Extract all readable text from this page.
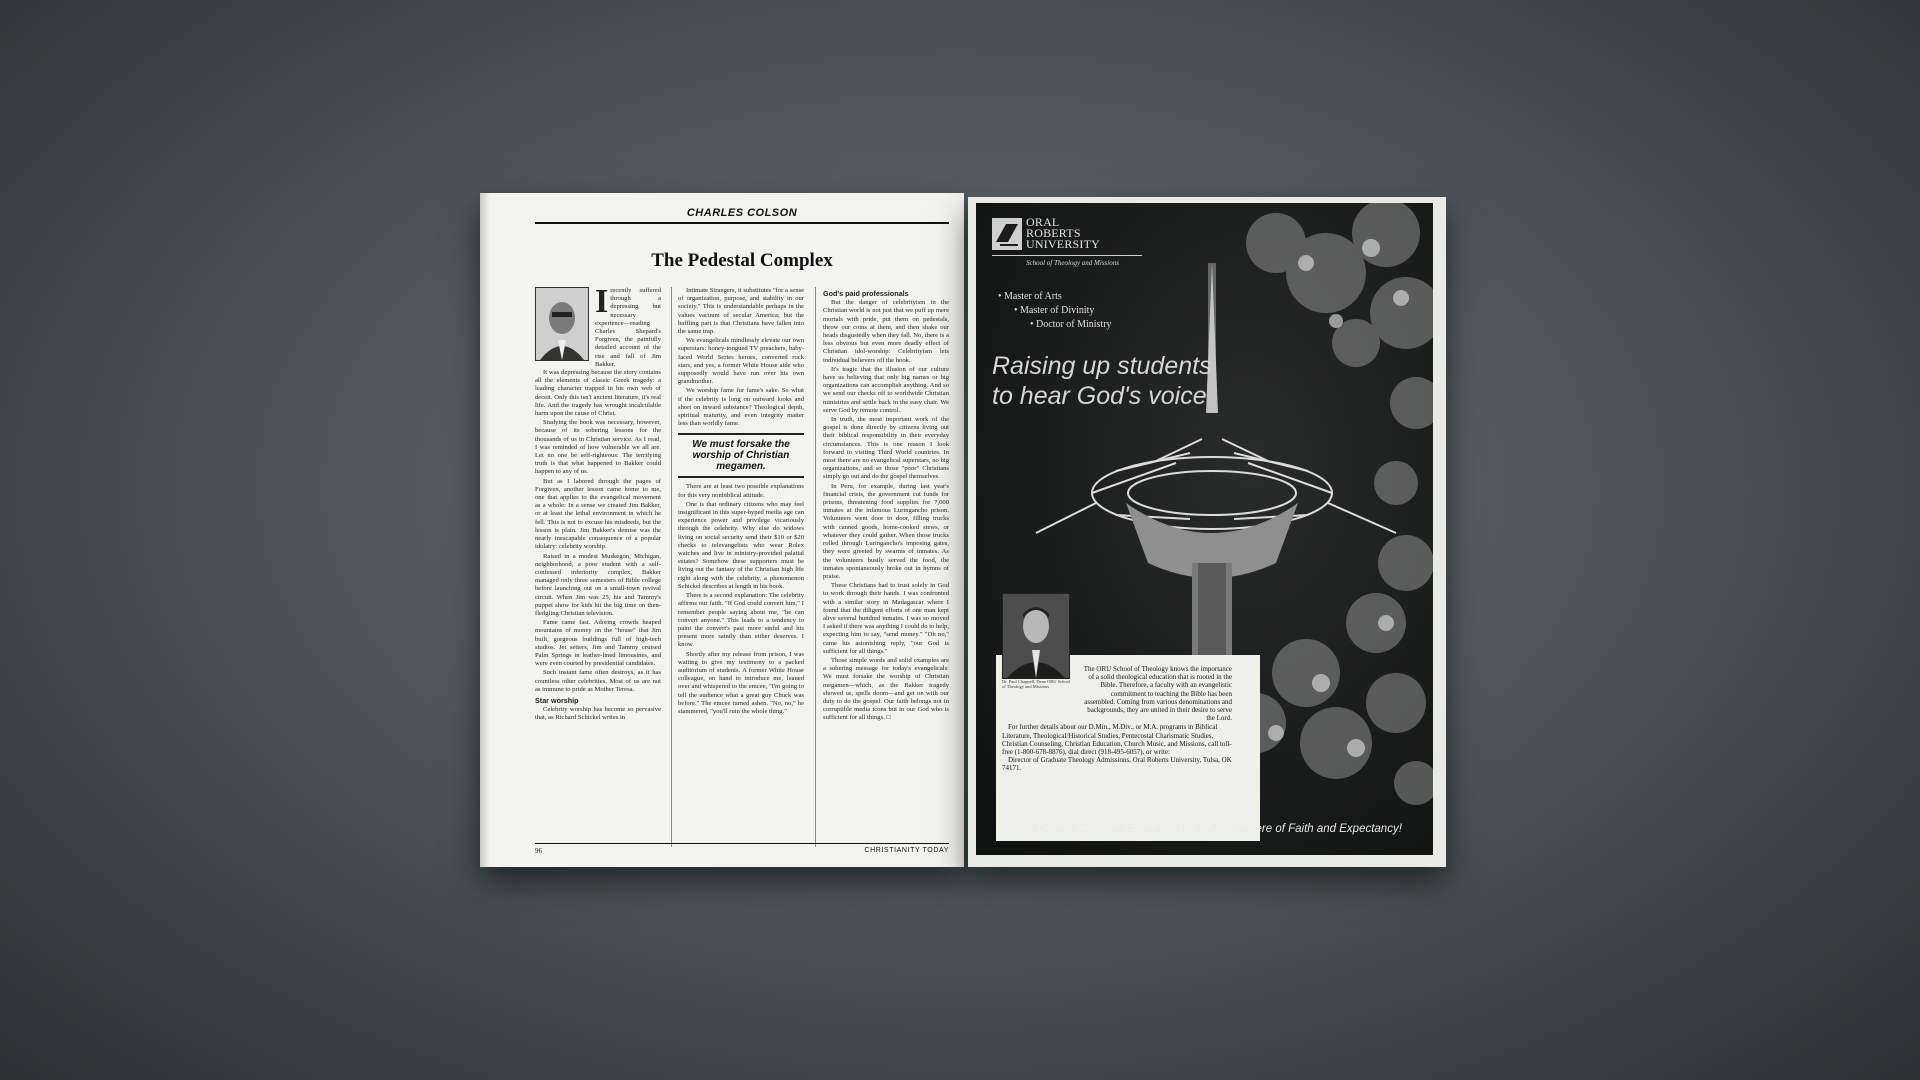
CHARLES COLSON
The Pedestal Complex
I recently suffered through a depressing but necessary experience—reading Charles Shepard's Forgiven, the painfully detailed account of the rise and fall of Jim Bakker.

It was depressing because the story contains all the elements of classic Greek tragedy: a leading character trapped in his own web of deceit. Only this isn't ancient literature, it's real life. And the tragedy has wrought incalculable harm upon the cause of Christ.

Studying the book was necessary, however, because of its sobering lessons for the thousands of us in Christian service. As I read, I was reminded of how vulnerable we all are. Let no one be self-righteous: The terrifying truth is that what happened to Bakker could happen to any of us.

But as I labored through the pages of Forgiven, another lesson came home to me, one that applies to the evangelical movement as a whole: In a sense we created Jim Bakker, or at least the lethal environment in which he fell. This is not to excuse his misdeeds, but the lesson is plain. Jim Bakker's demise was the nearly inescapable consequence of a popular idolatry: celebrity worship.

Raised in a modest Muskegon, Michigan, neighborhood, a poor student with a self-confessed inferiority complex, Bakker managed only three semesters of Bible college before launching out on a small-town revival circuit. When Jim was 25, his and Tammy's puppet show for kids hit the big time on then-fledgling Christian television.

Fame came fast. Adoring crowds heaped mountains of money on the "house" that Jim built, gorgeous buildings full of high-tech studios. Jet setters, Jim and Tammy cruised Palm Springs in leather-lined limousines, and were even courted by presidential candidates.

Such instant fame often destroys, as it has countless other celebrities. Most of us are not as immune to pride as Mother Teresa.

Star worship

Celebrity worship has become so pervasive that, as Richard Schickel writes in

Intimate Strangers, it substitutes "for a sense of organization, purpose, and stability in our society." This is understandable perhaps in the values vacuum of secular America; but the baffling part is that Christians have fallen into the same trap.

We evangelicals mindlessly elevate our own superstars: honey-tongued TV preachers, baby-faced World Series heroes, converted rock stars, and yes, a former White House aide who supposedly would have run over his own grandmother.

We worship fame for fame's sake. So what if the celebrity is long on outward looks and short on inward substance? Theological depth, spiritual maturity, and even integrity matter less than worldly fame.

We must forsake the worship of Christian megamen.

There are at least two possible explanations for this very nonbiblical attitude.

One is that ordinary citizens who may feel insignificant in this super-hyped media age can experience power and privilege vicariously through the celebrity. Why else do widows living on social security send their $10 or $20 checks to televangelists who wear Rolex watches and live in ministry-provided palatial estates? Somehow these supporters must be living out the fantasy of the Christian high life right along with the celebrity, a phenomenon Schickel describes at length in his book.

There is a second explanation: The celebrity affirms our faith. "If God could convert him," I remember people saying about me, "he can convert anyone." This leads to a tendency to paint the convert's past more sinful and his present more saintly than either deserves. I know.

Shortly after my release from prison, I was waiting to give my testimony to a packed auditorium of students. A former White House colleague, on hand to introduce me, leaned over and whispered to the emcee, "I'm going to tell the audience what a great guy Chuck was before." The emcee turned ashen. "No, no," he stammered, "you'll ruin the whole thing."

God's paid professionals

But the danger of celebrityism in the Christian world is not just that we puff up mere mortals with pride, put them on pedestals, throw our coins at them, and then shake our heads disgustedly when they fall. No, there is a less obvious but even more deadly effect of Christian idol-worship: Celebrityism lets individual believers off the hook.

It's tragic that the illusion of our culture have us believing that only big names or big organizations can accomplish anything. And so we send our checks off to worldwide Christian ministries and settle back in the easy chair. We serve God by remote control.

In truth, the most important work of the gospel is done directly by citizens living out their biblical responsibility in their everyday circumstances. This is one reason I look forward to visiting Third World countries. In most there are no evangelical superstars, no big organizations, and so those "poor" Christians simply go out and do the gospel themselves.

In Peru, for example, during last year's financial crisis, the government cut funds for prisons, threatening food supplies for 7,000 inmates at the infamous Luringancho prison. Volunteers went door to door, filling trucks with canned goods, home-cooked stews, or whatever they could gather. When those trucks rolled through Luringancho's imposing gates, they were greeted by swarms of inmates. As the volunteers busily served the food, the inmates spontaneously broke out in hymns of praise.

These Christians had to trust solely in God to work through their hands. I was confronted with a similar story in Madagascar where I found that the diligent efforts of one man kept alive several hundred inmates. I was so moved I asked if there was anything I could do to help, expecting him to say, "send money." "Oh no," came his astonishing reply, "our God is sufficient for all things."

Those simple words and solid examples are a sobering message for today's evangelicals: We must forsake the worship of Christian megamen—which, as the Bakker tragedy showed us, spells doom—and get on with our duty to do the gospel. Our faith belongs not in corruptible media icons but in our God who is sufficient for all things. □

96	CHRISTIANITY TODAY
ORAL
ROBERTS
UNIVERSITY
School of Theology and Missions
• Master of Arts
• Master of Divinity
• Doctor of Ministry
Raising up students to hear God's voice
Dr. Paul Chappell, Dean ORU School of Theology and Missions
The ORU School of Theology knows the importance of a solid theological education that is rooted in the Bible. Therefore, a faculty with an evangelistic commitment to teaching the Bible has been assembled. Coming from various denominations and backgrounds, they are united in their desire to serve the Lord.
For further details about our D.Min., M.Div., or M.A. programs in Biblical Literature, Theological/Historical Studies, Pentecostal Charismatic Studies, Christian Counseling, Christian Education, Church Music, and Missions, call toll-free (1-800-678-8876), dial direct (918-495-6057), or write:
Director of Graduate Theology Admissions, Oral Roberts University, Tulsa, OK 74171.
A Quality Christian Education in an Atmosphere of Faith and Expectancy!
